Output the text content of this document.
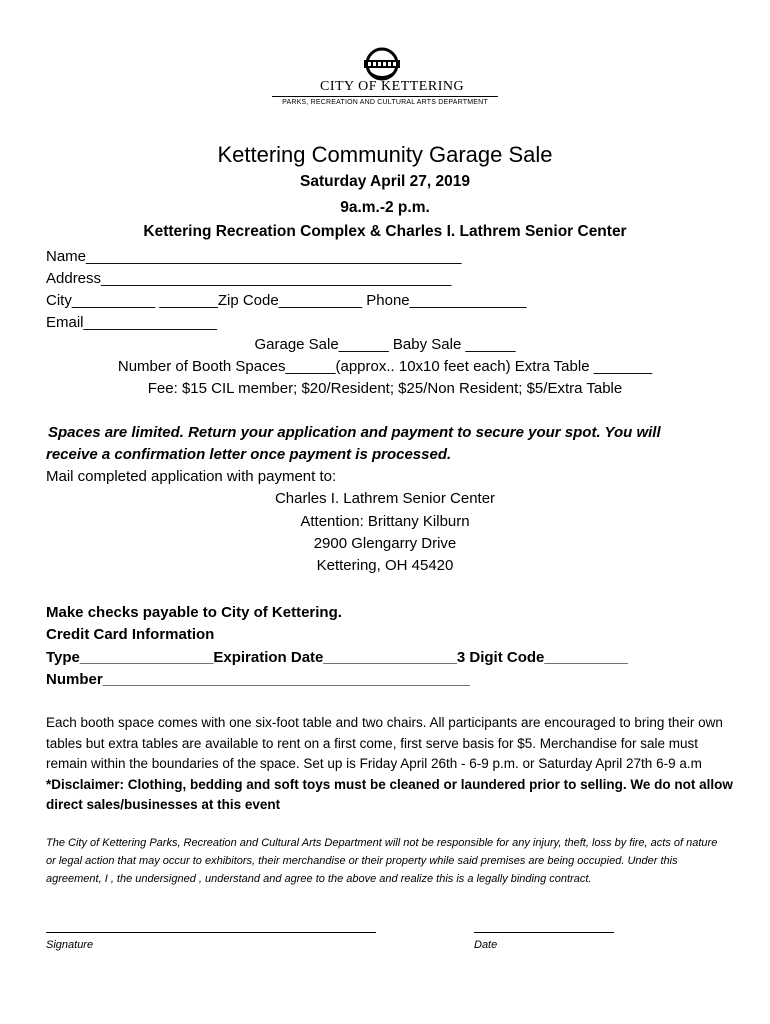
CITY OF KETTERING
PARKS, RECREATION AND CULTURAL ARTS DEPARTMENT
Kettering Community Garage Sale
Saturday April 27, 2019
9a.m.-2 p.m.
Kettering Recreation Complex & Charles I. Lathrem Senior Center
Name_____________________________________________
Address__________________________________________
City__________ _______Zip Code__________ Phone______________
Email________________
Garage Sale______ Baby Sale ______
Number of Booth Spaces______(approx.. 10x10 feet each) Extra Table _______
Fee: $15 CIL member; $20/Resident; $25/Non Resident; $5/Extra Table
Spaces are limited. Return your application and payment to secure your spot. You will
receive a confirmation letter once payment is processed.
Mail completed application with payment to:
Charles I. Lathrem Senior Center
Attention: Brittany Kilburn
2900 Glengarry Drive
Kettering, OH 45420
Make checks payable to City of Kettering.
Credit Card Information
Type________________Expiration Date________________3 Digit Code__________
Number____________________________________________
Each booth space comes with one six-foot table and two chairs. All participants are encouraged to bring their own tables but extra tables are available to rent on a first come, first serve basis for $5. Merchandise for sale must remain within the boundaries of the space. Set up is Friday April 26th - 6-9 p.m. or Saturday April 27th 6-9 a.m *Disclaimer: Clothing, bedding and soft toys must be cleaned or laundered prior to selling. We do not allow direct sales/businesses at this event
The City of Kettering Parks, Recreation and Cultural Arts Department will not be responsible for any injury, theft, loss by fire, acts of nature or legal action that may occur to exhibitors, their merchandise or their property while said premises are being occupied. Under this agreement, I , the undersigned , understand and agree to the above and realize this is a legally binding contract.
Signature	Date
